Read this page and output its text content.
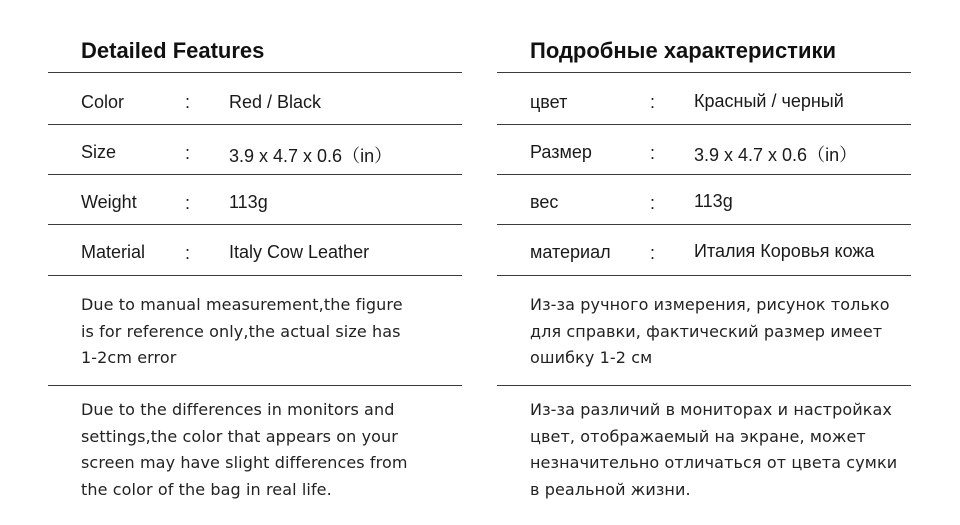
Detailed Features
Color	: Red / Black
Size	: 3.9 x 4.7 x 0.6（in）
Weight	: 113g
Material : Italy Cow Leather
Due to manual measurement,the figure
is for reference only,the actual size has
1-2cm error
Due to the differences in monitors and
settings,the color that appears on your
screen may have slight differences from
the color of the bag in real life.
Подробные характеристики
цвет	: Красный / черный
Размер	: 3.9 x 4.7 x 0.6（in）
вес	: 113g
материал : Италия Коровья кожа
Из-за ручного измерения, рисунок только
для справки, фактический размер имеет
ошибку 1-2 см
Из-за различий в мониторах и настройках
цвет, отображаемый на экране, может
незначительно отличаться от цвета сумки
в реальной жизни.
